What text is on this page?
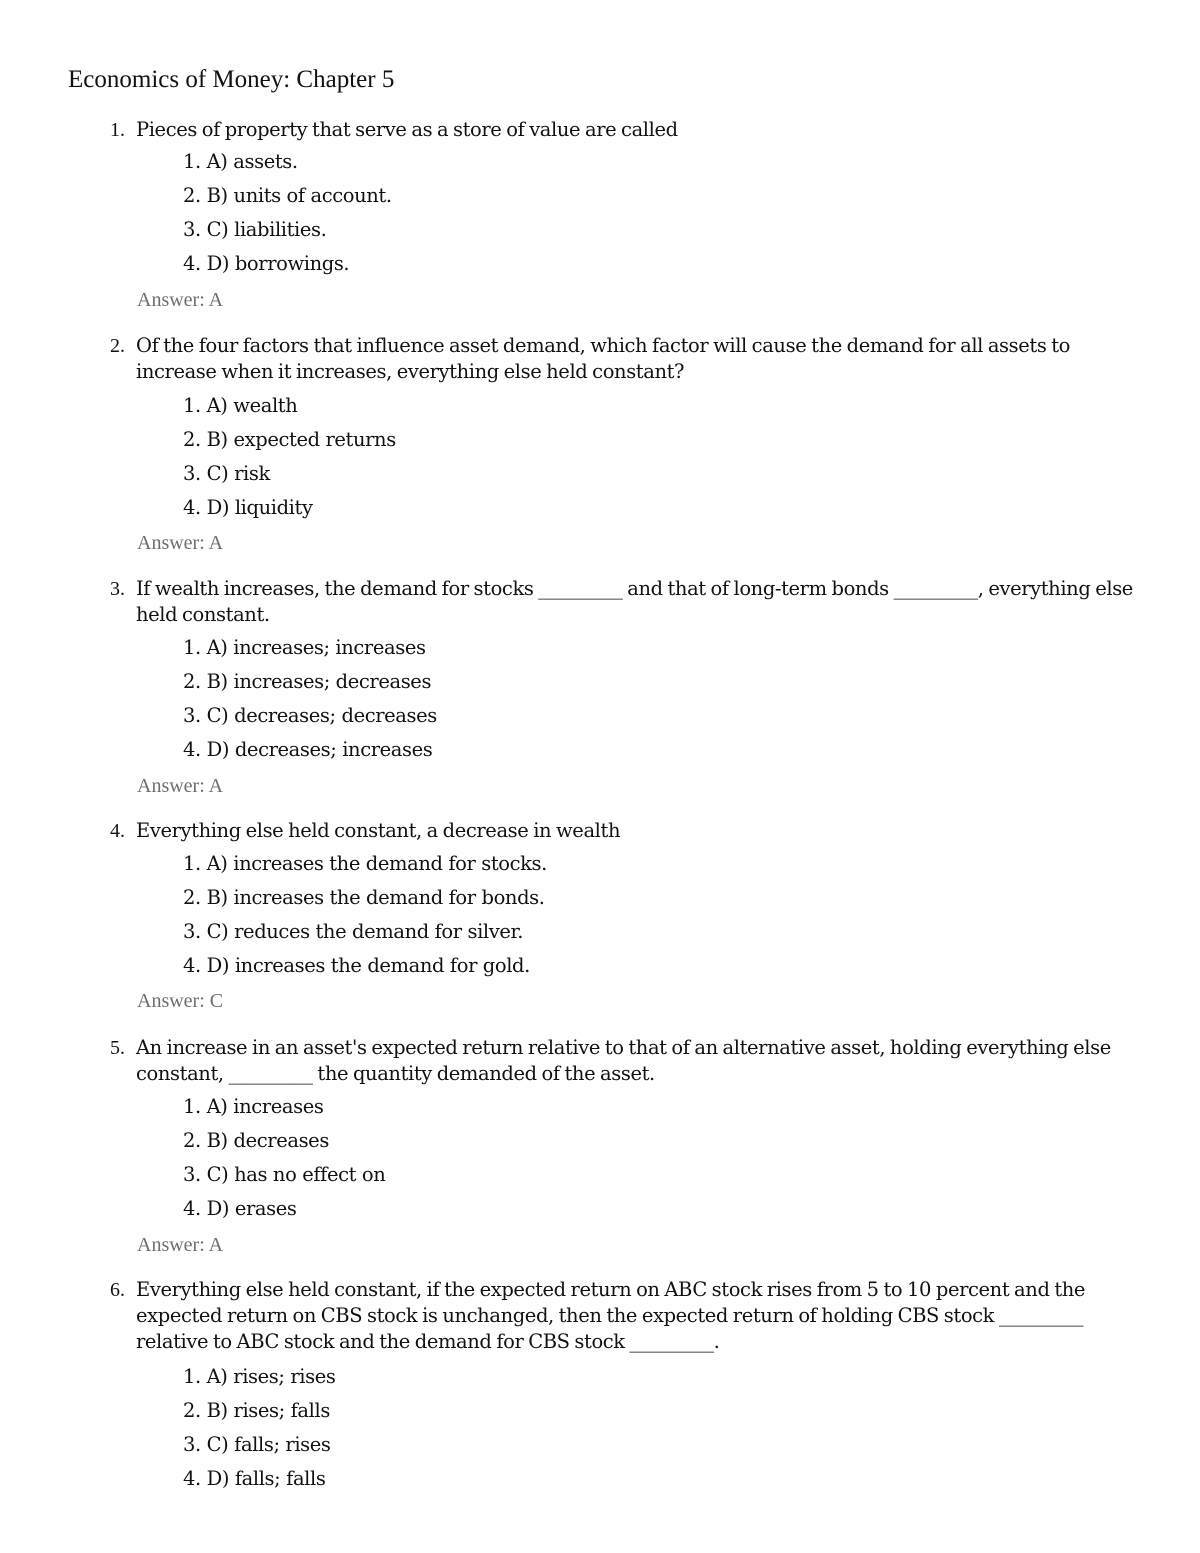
Economics of Money: Chapter 5
1. Pieces of property that serve as a store of value are called
1. A) assets.
2. B) units of account.
3. C) liabilities.
4. D) borrowings.
Answer: A
2. Of the four factors that influence asset demand, which factor will cause the demand for all assets to increase when it increases, everything else held constant?
1. A) wealth
2. B) expected returns
3. C) risk
4. D) liquidity
Answer: A
3. If wealth increases, the demand for stocks _________ and that of long-term bonds _________, everything else held constant.
1. A) increases; increases
2. B) increases; decreases
3. C) decreases; decreases
4. D) decreases; increases
Answer: A
4. Everything else held constant, a decrease in wealth
1. A) increases the demand for stocks.
2. B) increases the demand for bonds.
3. C) reduces the demand for silver.
4. D) increases the demand for gold.
Answer: C
5. An increase in an asset's expected return relative to that of an alternative asset, holding everything else constant, _________ the quantity demanded of the asset.
1. A) increases
2. B) decreases
3. C) has no effect on
4. D) erases
Answer: A
6. Everything else held constant, if the expected return on ABC stock rises from 5 to 10 percent and the expected return on CBS stock is unchanged, then the expected return of holding CBS stock _________ relative to ABC stock and the demand for CBS stock _________.
1. A) rises; rises
2. B) rises; falls
3. C) falls; rises
4. D) falls; falls
